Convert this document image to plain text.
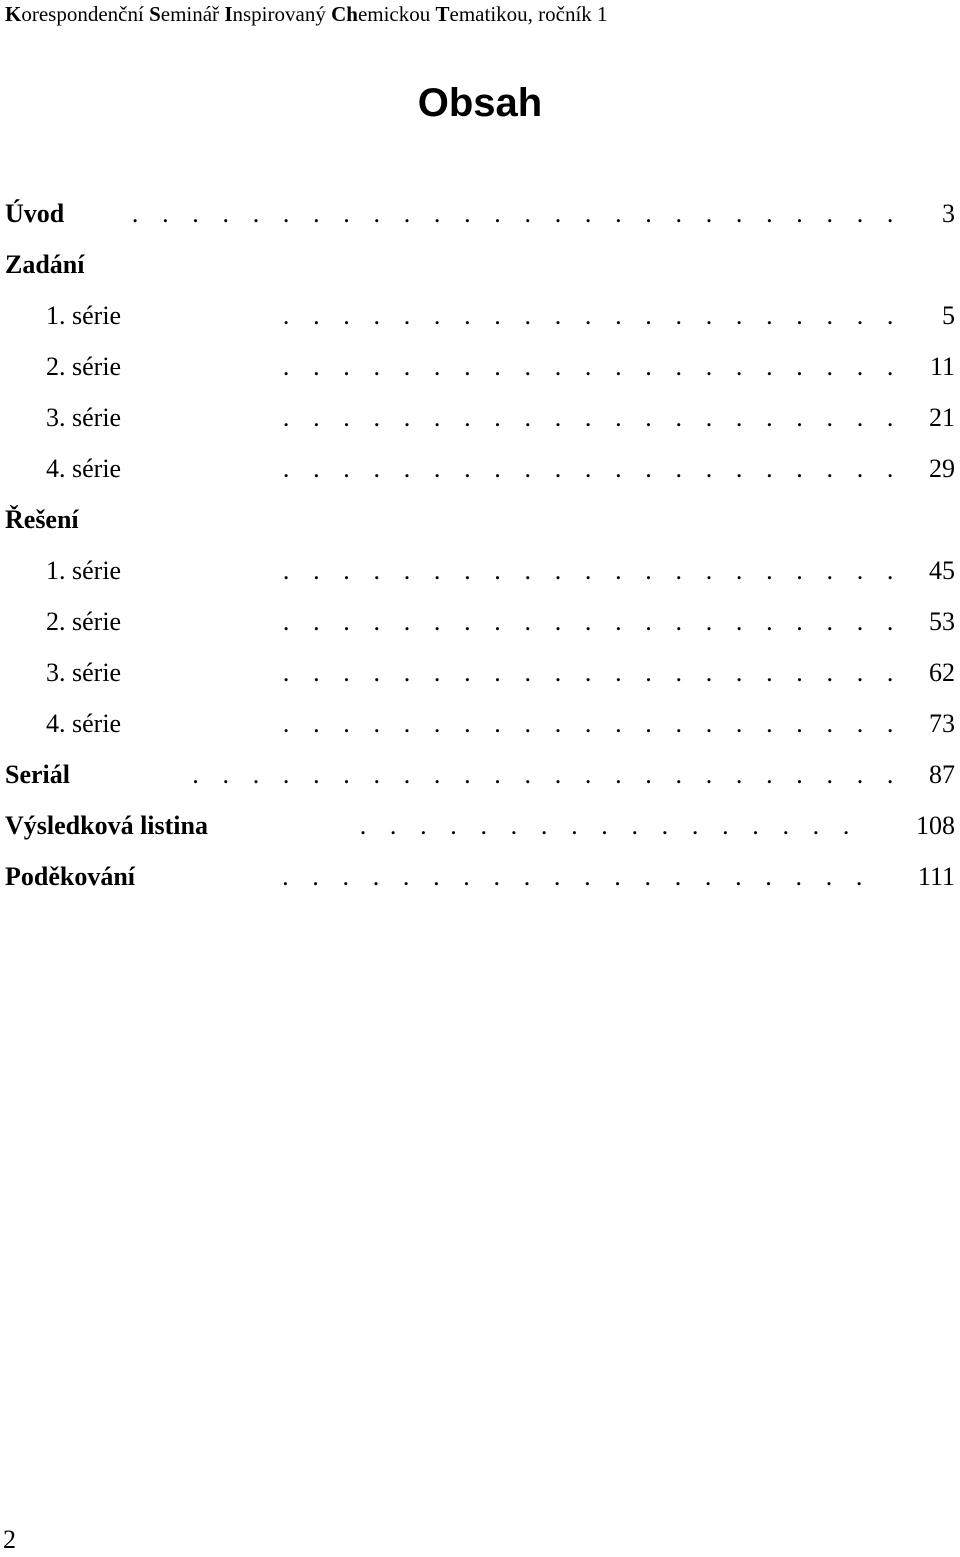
Korespondenční Seminář Inspirovaný Chemickou Tematikou, ročník 1
Obsah
Úvod	. . . . . . . . . . . . . . . . . . . . . . . . . . 3
Zadání
1. série	. . . . . . . . . . . . . . . . . . . . . 5
2. série	. . . . . . . . . . . . . . . . . . . . . 11
3. série	. . . . . . . . . . . . . . . . . . . . . 21
4. série	. . . . . . . . . . . . . . . . . . . . . 29
Řešení
1. série	. . . . . . . . . . . . . . . . . . . . . 45
2. série	. . . . . . . . . . . . . . . . . . . . . 53
3. série	. . . . . . . . . . . . . . . . . . . . . 62
4. série	. . . . . . . . . . . . . . . . . . . . . 73
Seriál	. . . . . . . . . . . . . . . . . . . . . . . . 87
Výsledková listina	. . . . . . . . . . . . . . . . . 108
Poděkování	. . . . . . . . . . . . . . . . . . . . 111
2
